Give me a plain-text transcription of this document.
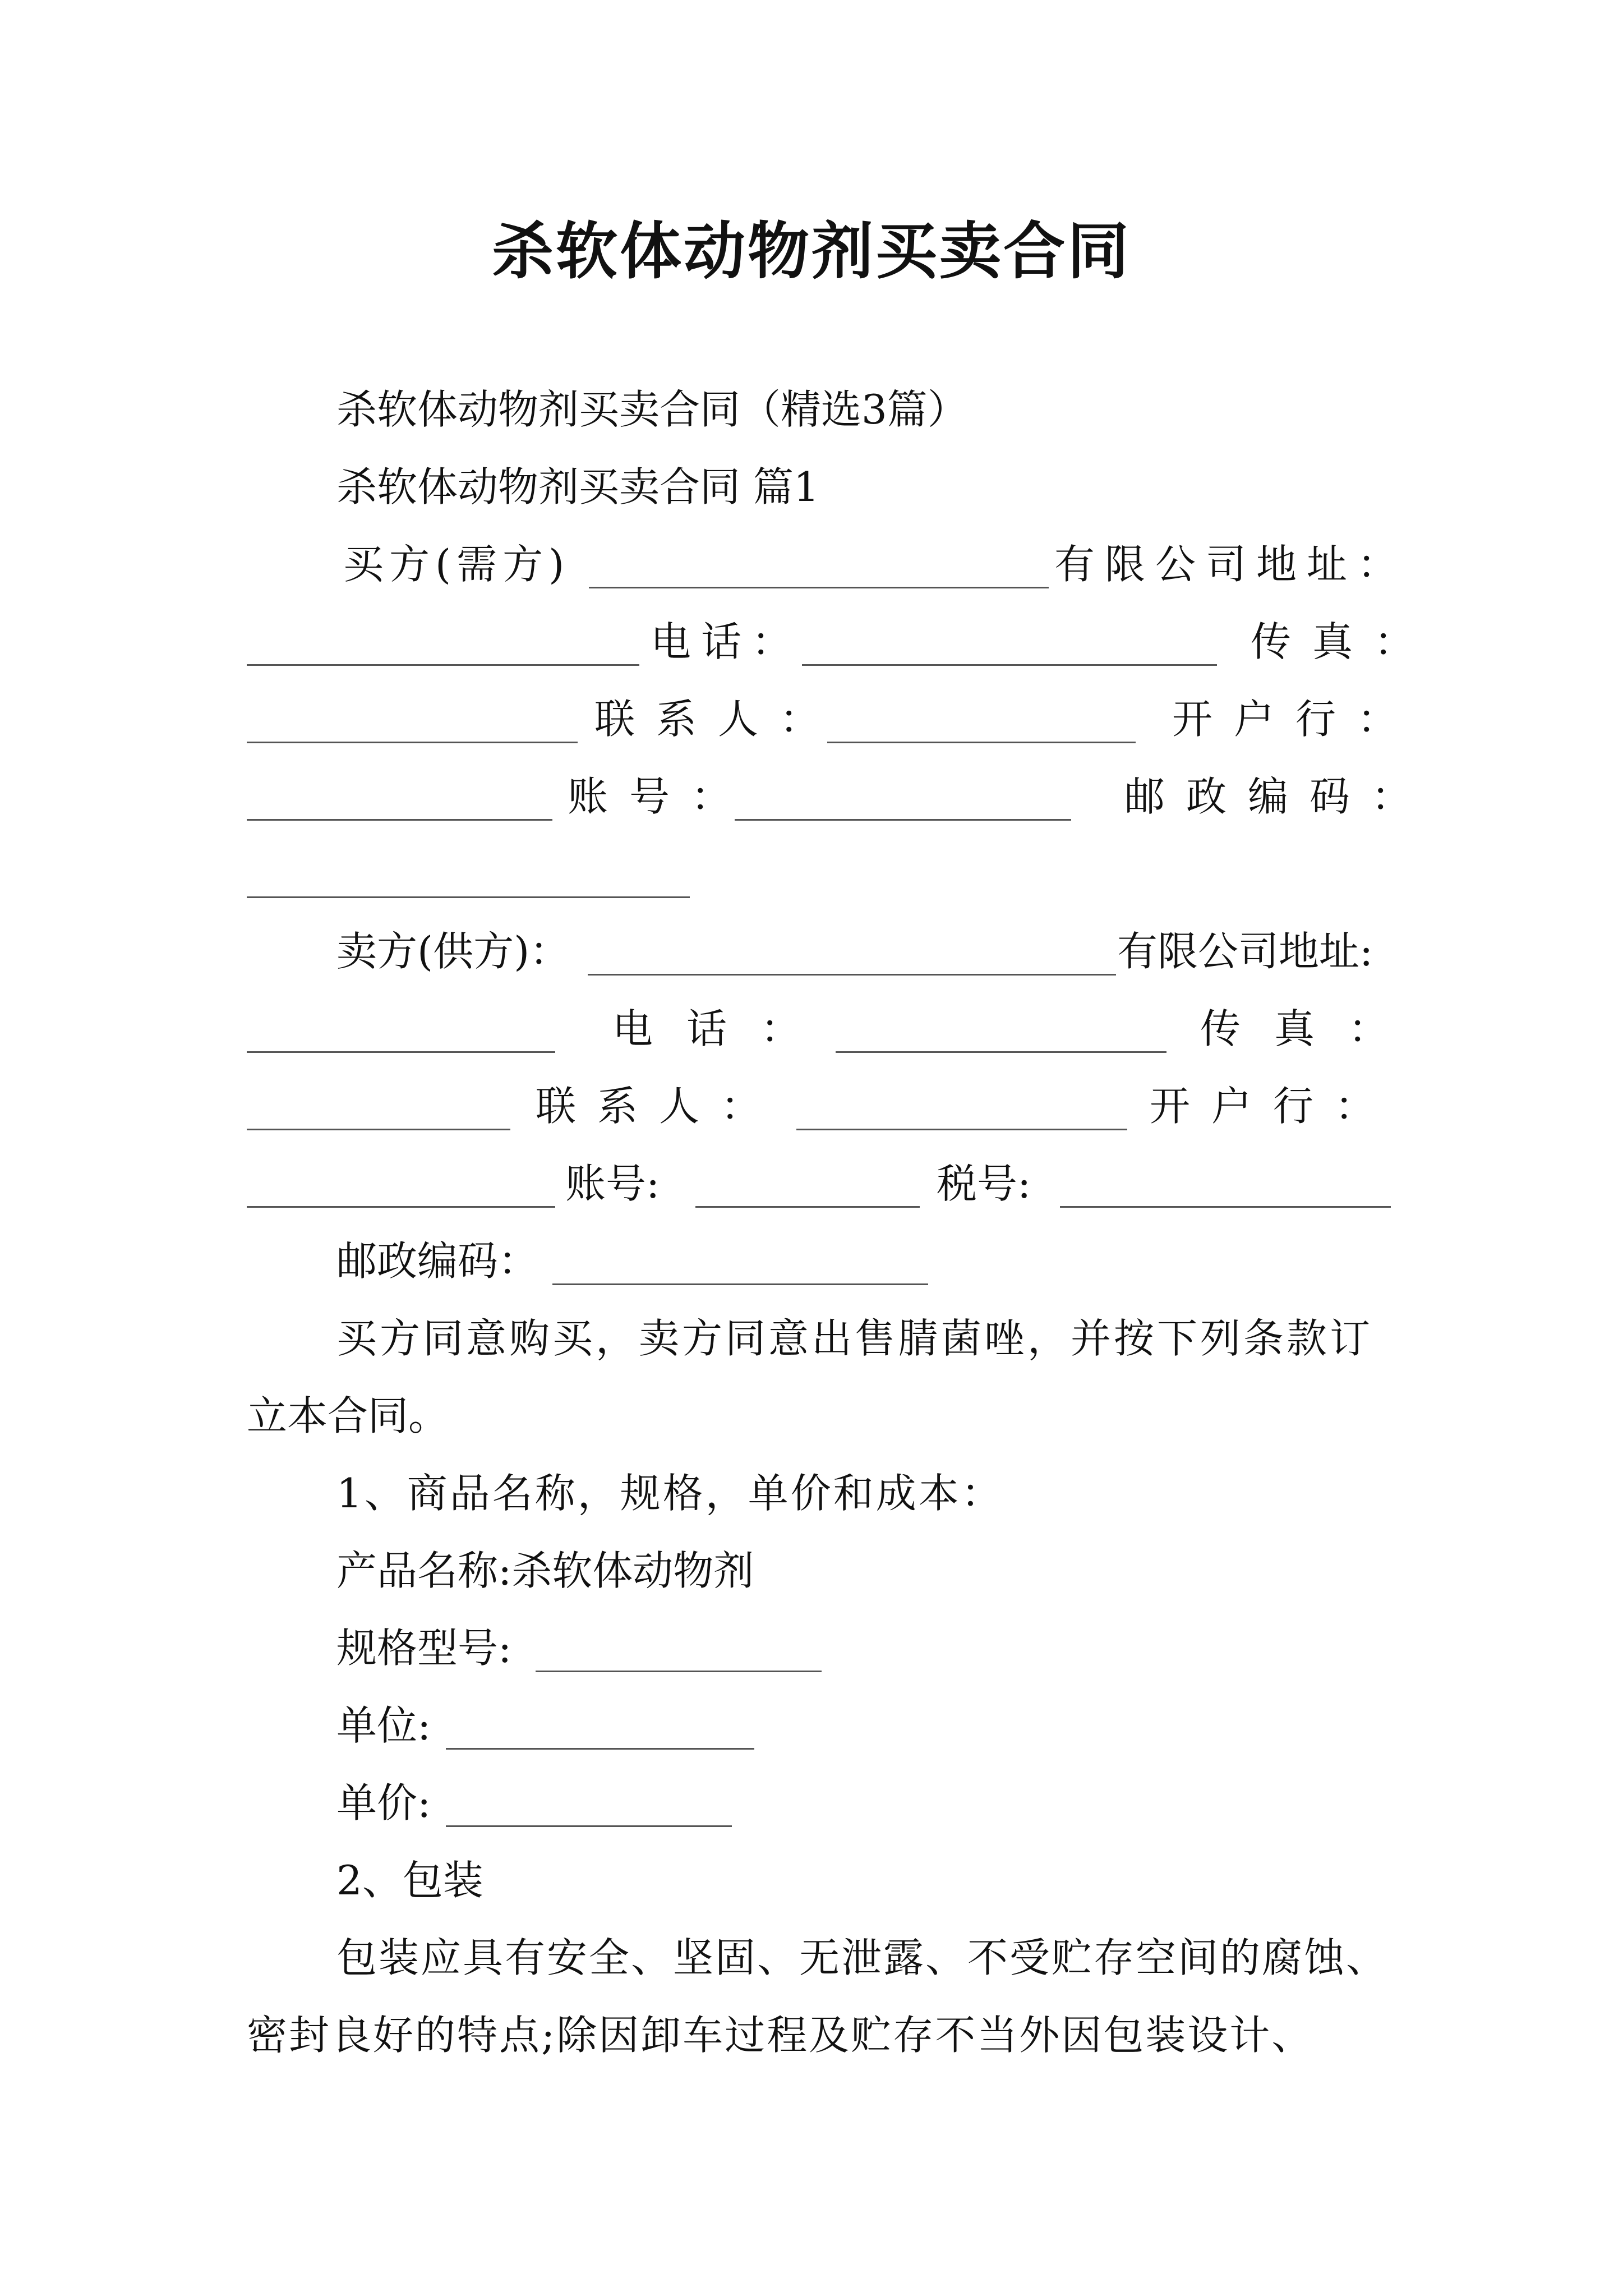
杀软体动物剂买卖合同
杀软体动物剂买卖合同（精选3篇）
杀软体动物剂买卖合同 篇1
买方(需方)	有限公司地址：
电话：	传真：
联系人：	开户行：
账号：	邮政编码：
卖方(供方)：	有限公司地址:
电话：	传真：
联系人：	开户行：
账号:	税号:
邮政编码：
买方同意购买，卖方同意出售腈菌唑，并按下列条款订
立本合同。
1、商品名称，规格，单价和成本：
产品名称:杀软体动物剂
规格型号:
单位:
单价:
2、包装
包装应具有安全、坚固、无泄露、不受贮存空间的腐蚀、
密封良好的特点;除因卸车过程及贮存不当外因包装设计、
